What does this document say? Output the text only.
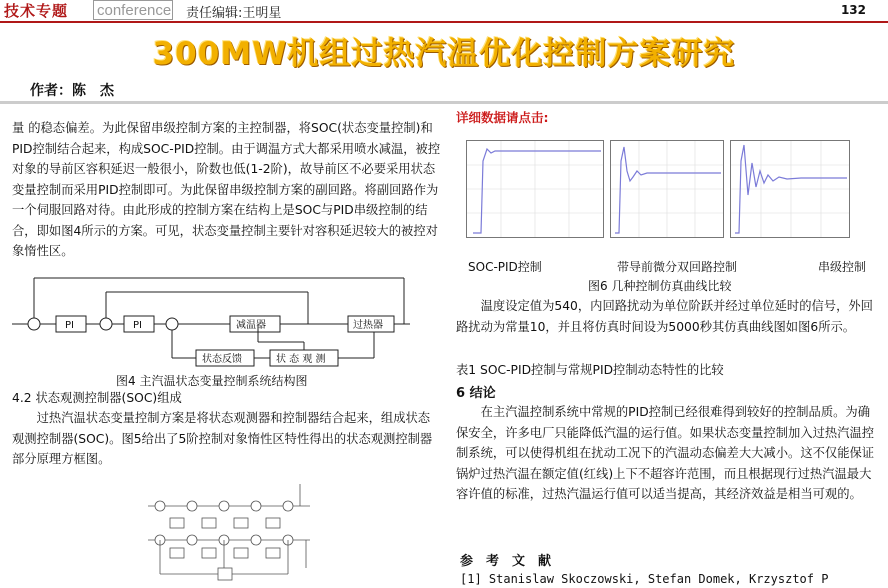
技术专题 conference 责任编辑:王明星	132
300MW机组过热汽温优化控制方案研究
作者：陈　杰

量 的稳态偏差。为此保留串级控制方案的主控制器，将SOC(状态变量控制)和PID控制结合起来，构成SOC-PID控制。由于调温方式大都采用喷水减温，被控对象的导前区容积延迟一般很小，阶数也低(1-2阶)，故导前区不必要采用状态变量控制而采用PID控制即可。为此保留串级控制方案的副回路。将副回路作为一个伺服回路对待。由此形成的控制方案在结构上是SOC与PID串级控制的结合，即如图4所示的方案。可见，状态变量控制主要针对容积延迟较大的被控对象惰性区。

PI	PI	减温器	过热器
状 态 观 测
状态反馈
图4 主汽温状态变量控制系统结构图
4.2 状态观测控制器(SOC)组成

过热汽温状态变量控制方案是将状态观测器和控制器结合起来，组成状态观测控制器(SOC)。图5给出了5阶控制对象惰性区特性得出的状态观测控制器部分原理方框图。

详细数据请点击:
SOC-PID控制	带导前微分双回路控制	串级控制
图6 几种控制仿真曲线比较

温度设定值为540，内回路扰动为单位阶跃并经过单位延时的信号，外回路扰动为常量10，并且将仿真时间设为5000秒其仿真曲线图如图6所示。

表1 SOC-PID控制与常规PID控制动态特性的比较
6 结论

在主汽温控制系统中常规的PID控制已经很难得到较好的控制品质。为确保安全，许多电厂只能降低汽温的运行值。如果状态变量控制加入过热汽温控制系统，可以使得机组在扰动工况下的汽温动态偏差大大减小。这不仅能保证锅炉过热汽温在额定值(红线)上下不超容许范围，而且根据现行过热汽温最大容许值的标准，过热汽温运行值可以适当提高，其经济效益是相当可观的。

参　考　文　献
[1] Stanislaw Skoczowski, Stefan Domek, Krzysztof P
